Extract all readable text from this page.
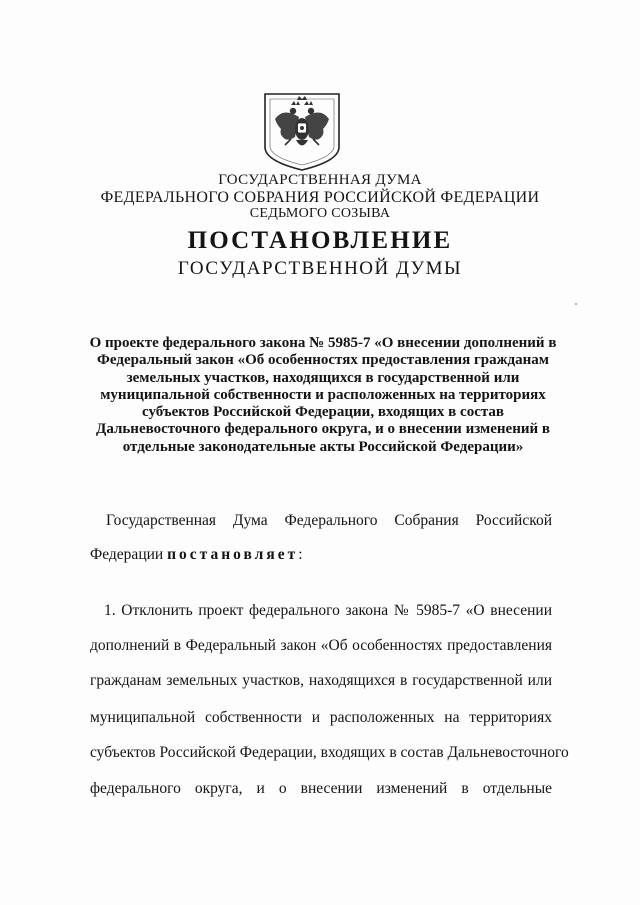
ГОСУДАРСТВЕННАЯ ДУМА
ФЕДЕРАЛЬНОГО СОБРАНИЯ РОССИЙСКОЙ ФЕДЕРАЦИИ
СЕДЬМОГО СОЗЫВА
ПОСТАНОВЛЕНИЕ
ГОСУДАРСТВЕННОЙ ДУМЫ
О проекте федерального закона № 5985-7 «О внесении дополнений в
Федеральный закон «Об особенностях предоставления гражданам
земельных участков, находящихся в государственной или
муниципальной собственности и расположенных на территориях
субъектов Российской Федерации, входящих в состав
Дальневосточного федерального округа, и о внесении изменений в
отдельные законодательные акты Российской Федерации»
Государственная Дума Федерального Собрания Российской
Федерации постановляет:
1. Отклонить проект федерального закона № 5985-7 «О внесении
дополнений в Федеральный закон «Об особенностях предоставления
гражданам земельных участков, находящихся в государственной или
муниципальной собственности и расположенных на территориях
субъектов Российской Федерации, входящих в состав Дальневосточного
федерального округа, и о внесении изменений в отдельные
